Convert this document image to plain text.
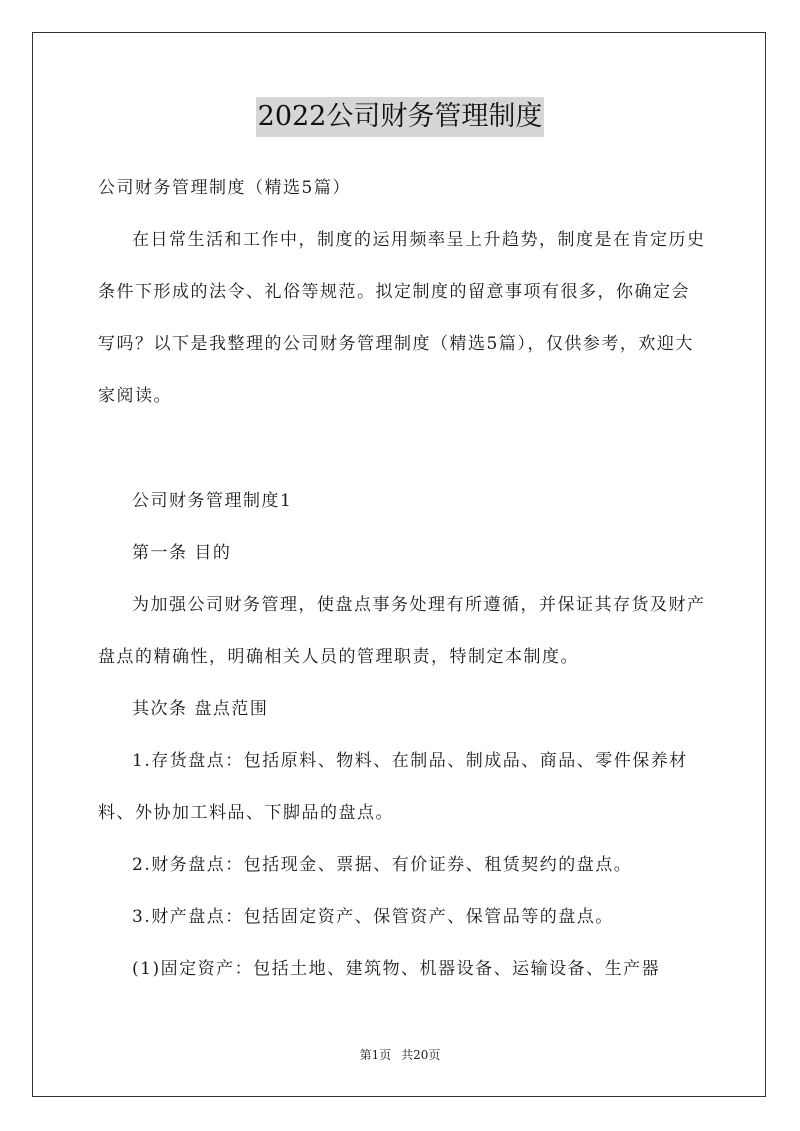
2022公司财务管理制度

公司财务管理制度（精选5篇）

在日常生活和工作中，制度的运用频率呈上升趋势，制度是在肯定历史条件下形成的法令、礼俗等规范。拟定制度的留意事项有很多，你确定会写吗？以下是我整理的公司财务管理制度（精选5篇），仅供参考，欢迎大家阅读。

公司财务管理制度1

第一条 目的

为加强公司财务管理，使盘点事务处理有所遵循，并保证其存货及财产盘点的精确性，明确相关人员的管理职责，特制定本制度。

其次条 盘点范围

1.存货盘点：包括原料、物料、在制品、制成品、商品、零件保养材料、外协加工料品、下脚品的盘点。

2.财务盘点：包括现金、票据、有价证券、租赁契约的盘点。

3.财产盘点：包括固定资产、保管资产、保管品等的盘点。

(1)固定资产：包括土地、建筑物、机器设备、运输设备、生产器

第1页 共20页
